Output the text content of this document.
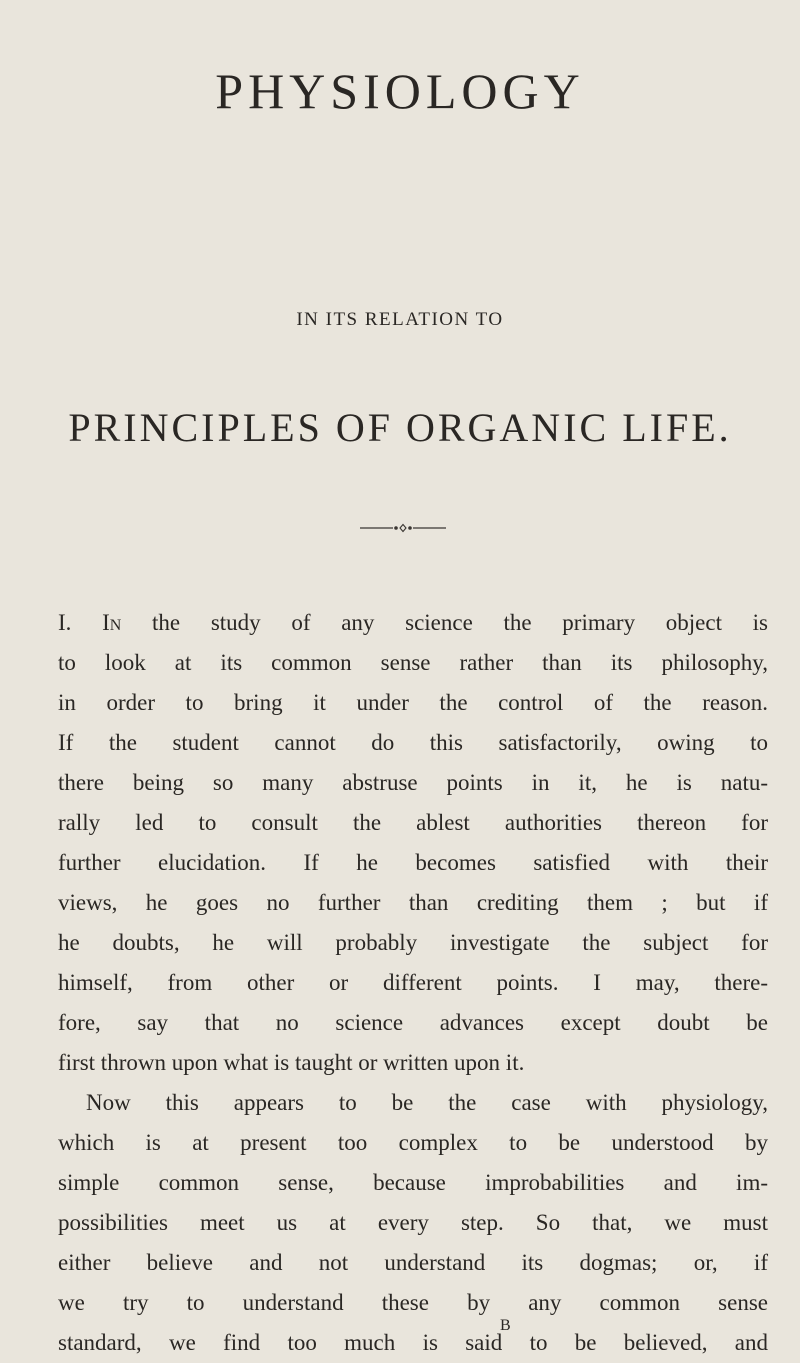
PHYSIOLOGY
IN ITS RELATION TO
PRINCIPLES OF ORGANIC LIFE.
I. In the study of any science the primary object is
to look at its common sense rather than its philosophy,
in order to bring it under the control of the reason.
If the student cannot do this satisfactorily, owing to
there being so many abstruse points in it, he is natu-
rally led to consult the ablest authorities thereon for
further elucidation. If he becomes satisfied with their
views, he goes no further than crediting them ; but if
he doubts, he will probably investigate the subject for
himself, from other or different points. I may, there-
fore, say that no science advances except doubt be
first thrown upon what is taught or written upon it.
Now this appears to be the case with physiology,
which is at present too complex to be understood by
simple common sense, because improbabilities and im-
possibilities meet us at every step. So that, we must
either believe and not understand its dogmas; or, if
we try to understand these by any common sense
standard, we find too much is said to be believed, and
B
